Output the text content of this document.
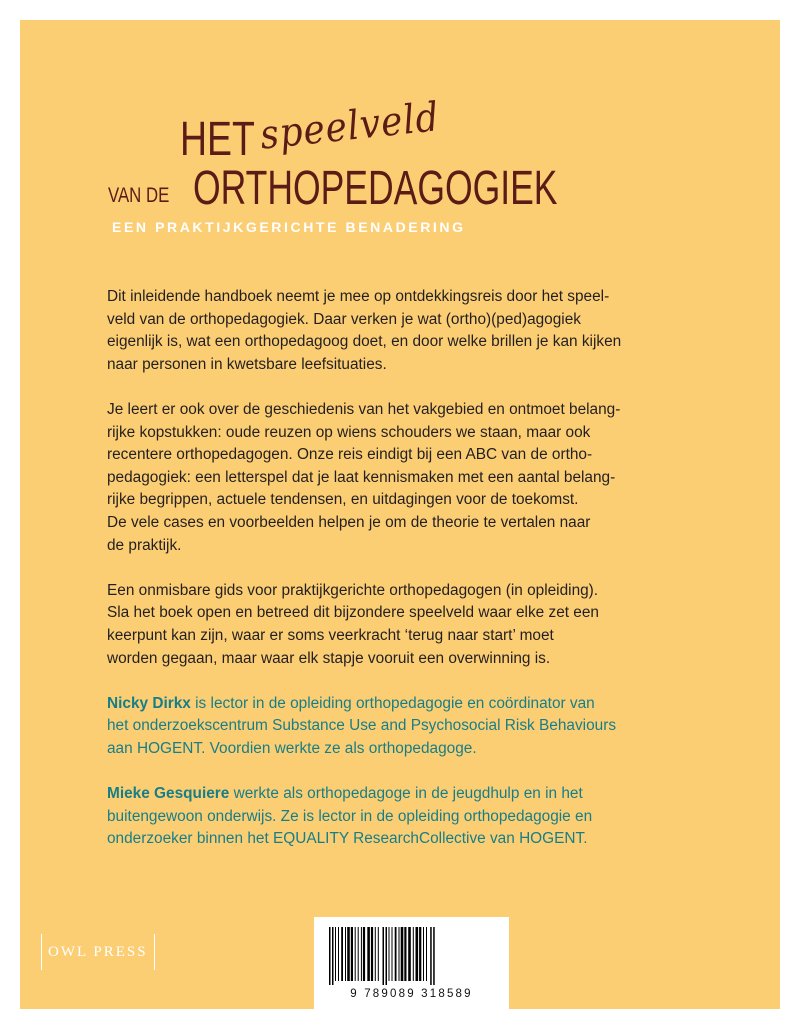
HET speelveld
VAN DE ORTHOPEDAGOGIEK
EEN PRAKTIJKGERICHTE BENADERING
Dit inleidende handboek neemt je mee op ontdekkingsreis door het speel-
veld van de orthopedagogiek. Daar verken je wat (ortho)(ped)agogiek
eigenlijk is, wat een orthopedagoog doet, en door welke brillen je kan kijken
naar personen in kwetsbare leefsituaties.
Je leert er ook over de geschiedenis van het vakgebied en ontmoet belang-
rijke kopstukken: oude reuzen op wiens schouders we staan, maar ook
recentere orthopedagogen. Onze reis eindigt bij een ABC van de ortho-
pedagogiek: een letterspel dat je laat kennismaken met een aantal belang-
rijke begrippen, actuele tendensen, en uitdagingen voor de toekomst.
De vele cases en voorbeelden helpen je om de theorie te vertalen naar
de praktijk.
Een onmisbare gids voor praktijkgerichte orthopedagogen (in opleiding).
Sla het boek open en betreed dit bijzondere speelveld waar elke zet een
keerpunt kan zijn, waar er soms veerkracht ‘terug naar start’ moet
worden gegaan, maar waar elk stapje vooruit een overwinning is.
Nicky Dirkx is lector in de opleiding orthopedagogie en coördinator van
het onderzoekscentrum Substance Use and Psychosocial Risk Behaviours
aan HOGENT. Voordien werkte ze als orthopedagoge.
Mieke Gesquiere werkte als orthopedagoge in de jeugdhulp en in het
buitengewoon onderwijs. Ze is lector in de opleiding orthopedagogie en
onderzoeker binnen het EQUALITY ResearchCollective van HOGENT.
OWL PRESS
9 789089 318589
